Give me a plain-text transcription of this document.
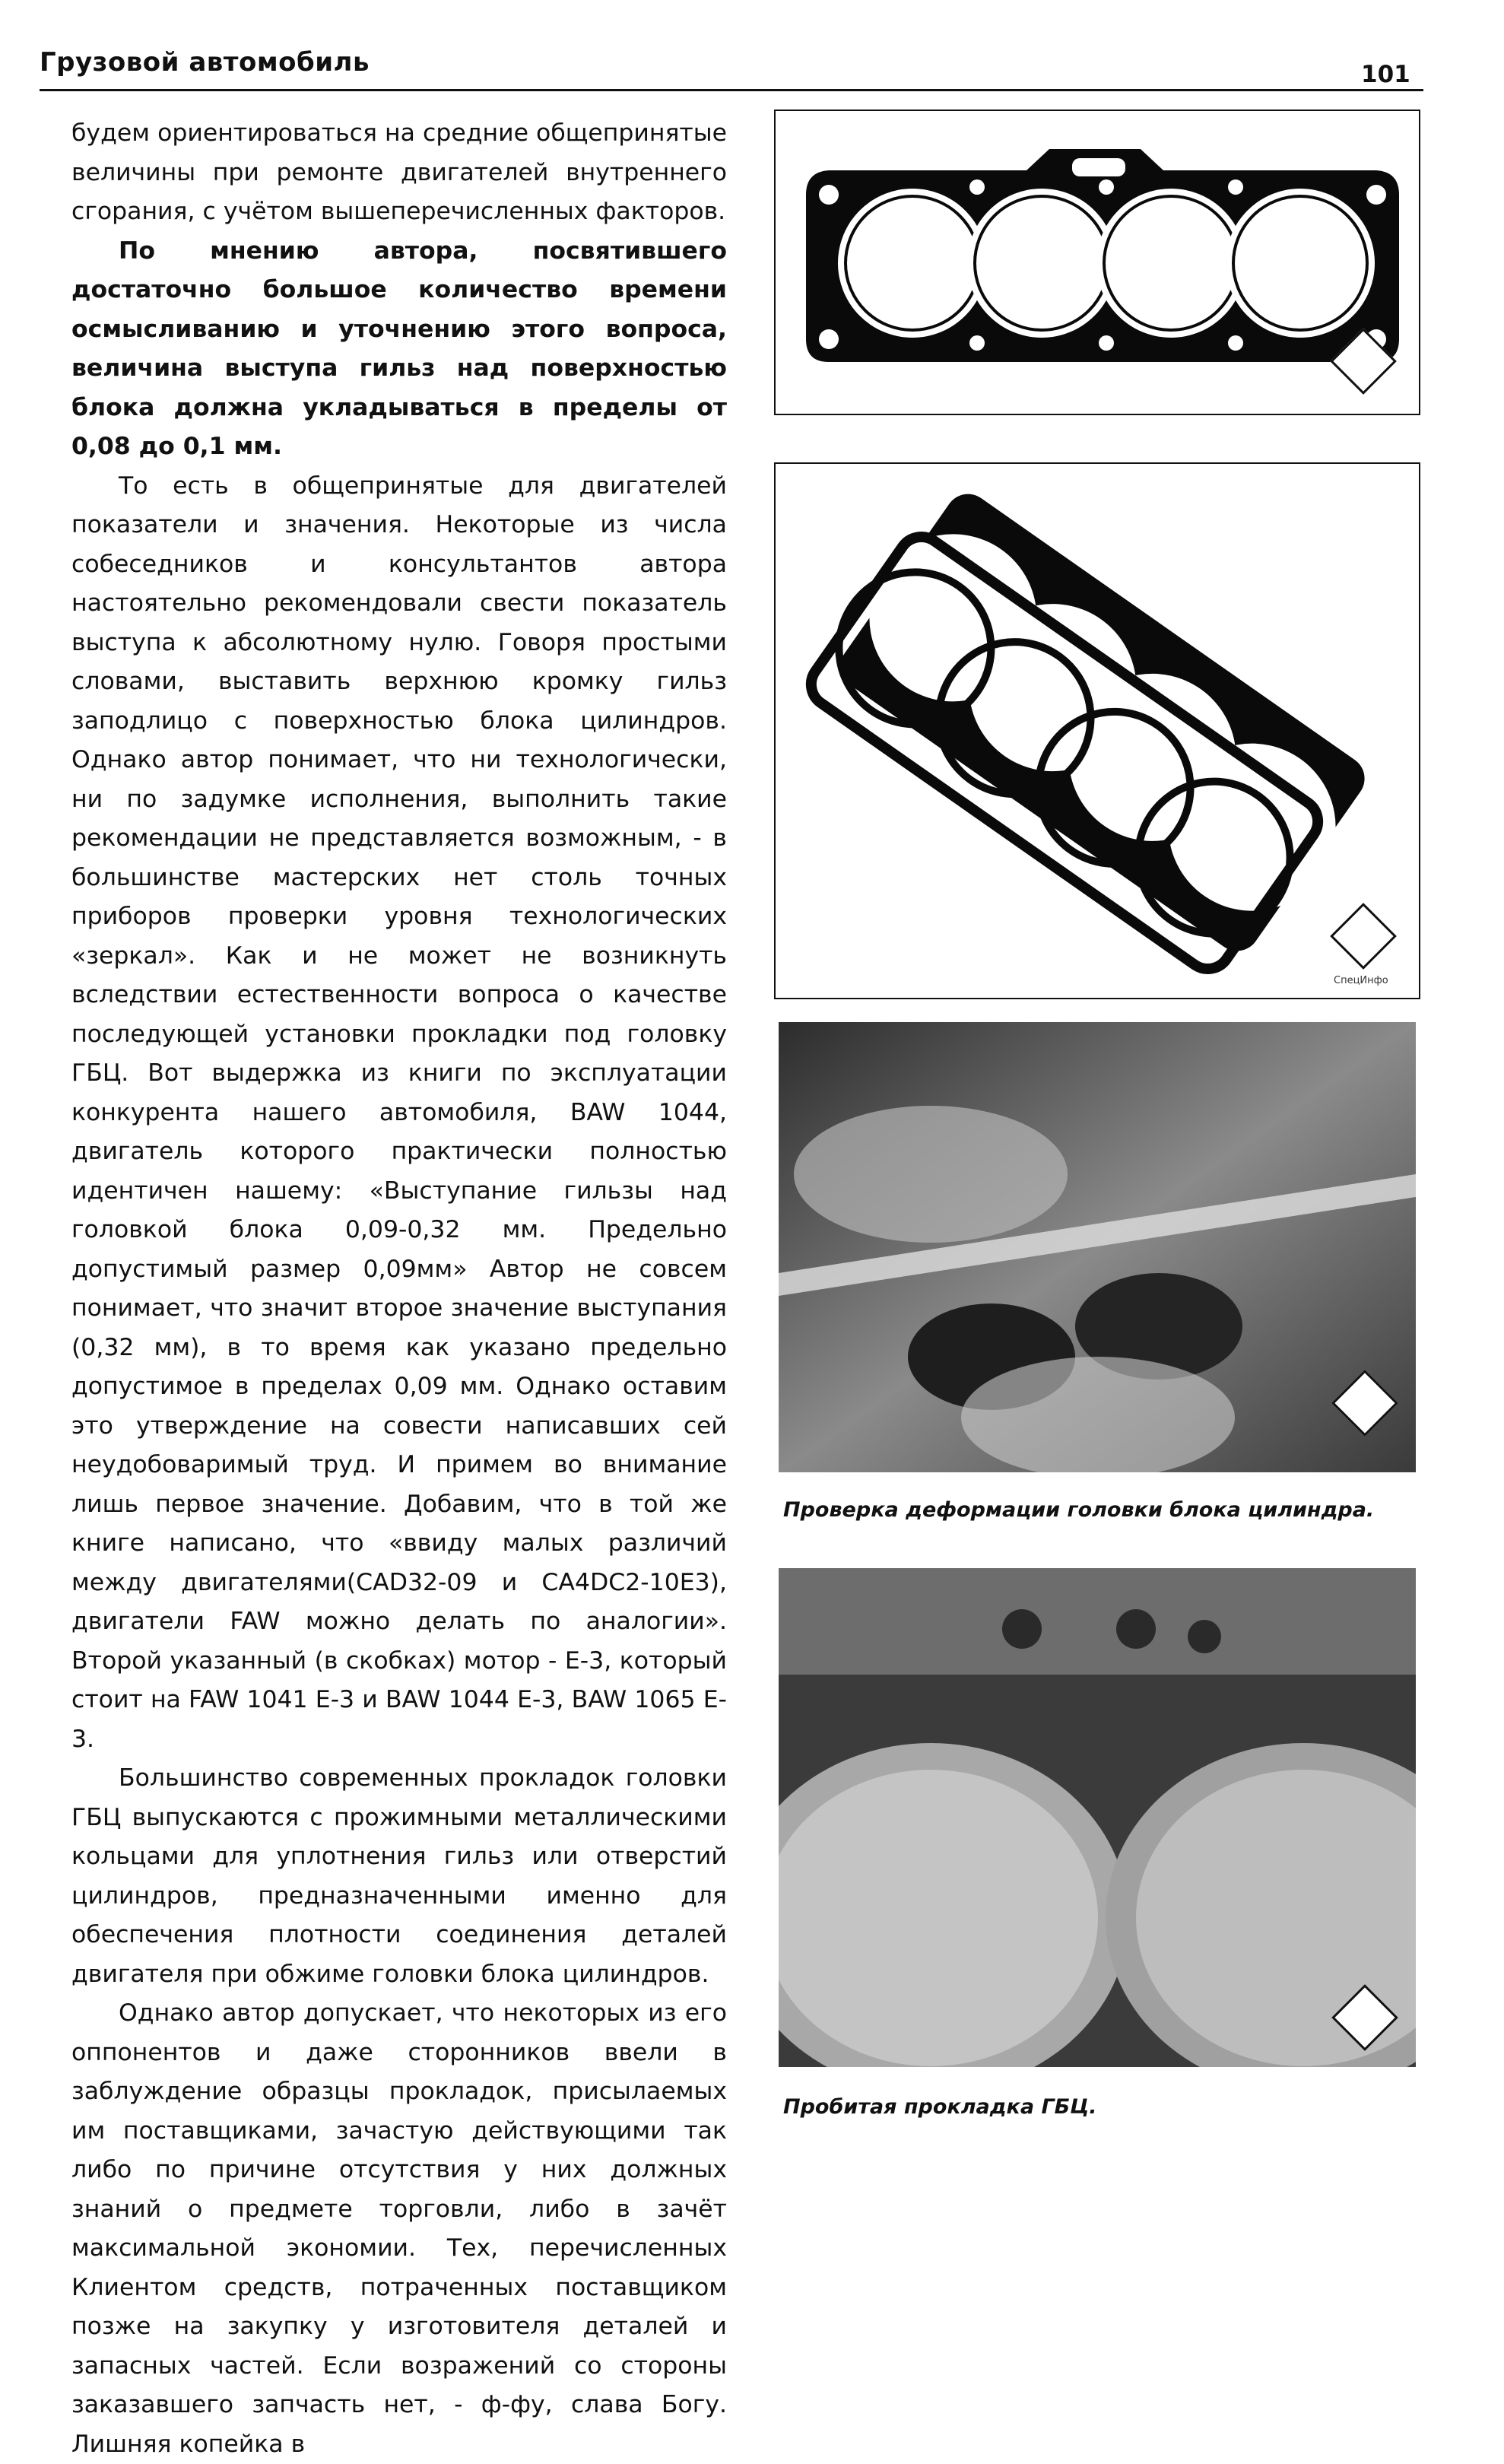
Грузовой автомобиль	101

будем ориентироваться на средние общепринятые величины при ремонте двигателей внутреннего сгорания, с учётом вышеперечисленных факторов.

По мнению автора, посвятившего достаточно большое количество времени осмысливанию и уточнению этого вопроса, величина выступа гильз над поверхностью блока должна укладываться в пределы от 0,08 до 0,1 мм.

То есть в общепринятые для двигателей показатели и значения. Некоторые из числа собеседников и консультантов автора настоятельно рекомендовали свести показатель выступа к абсолютному нулю. Говоря простыми словами, выставить верхнюю кромку гильз заподлицо с поверхностью блока цилиндров. Однако автор понимает, что ни технологически, ни по задумке исполнения, выполнить такие рекомендации не представляется возможным, - в большинстве мастерских нет столь точных приборов проверки уровня технологических «зеркал». Как и не может не возникнуть вследствии естественности вопроса о качестве последующей установки прокладки под головку ГБЦ. Вот выдержка из книги по эксплуатации конкурента нашего автомобиля, BAW 1044, двигатель которого практически полностью идентичен нашему: «Выступание гильзы над головкой блока 0,09-0,32 мм. Предельно допустимый размер 0,09мм» Автор не совсем понимает, что значит второе значение выступания (0,32 мм), в то время как указано предельно допустимое в пределах 0,09 мм. Однако оставим это утверждение на совести написавших сей неудобоваримый труд. И примем во внимание лишь первое значение. Добавим, что в той же книге написано, что «ввиду малых различий между двигателями(CAD32-09 и CA4DC2-10E3), двигатели FAW можно делать по аналогии». Второй указанный (в скобках) мотор - E-3, который стоит на FAW 1041 E-3 и BAW 1044 E-3, BAW 1065 E-3.

Большинство современных прокладок головки ГБЦ выпускаются с прожимными металлическими кольцами для уплотнения гильз или отверстий цилиндров, предназначенными именно для обеспечения плотности соединения деталей двигателя при обжиме головки блока цилиндров.

Однако автор допускает, что некоторых из его оппонентов и даже сторонников ввели в заблуждение образцы прокладок, присылаемых им поставщиками, зачастую действующими так либо по причине отсутствия у них должных знаний о предмете торговли, либо в зачёт максимальной экономии. Тех, перечисленных Клиентом средств, потраченных поставщиком позже на закупку у изготовителя деталей и запасных частей. Если возражений со стороны заказавшего запчасть нет, - ф-фу, слава Богу. Лишняя копейка в

СпецИнфо
Проверка деформации головки блока цилиндра.
Пробитая прокладка ГБЦ.
